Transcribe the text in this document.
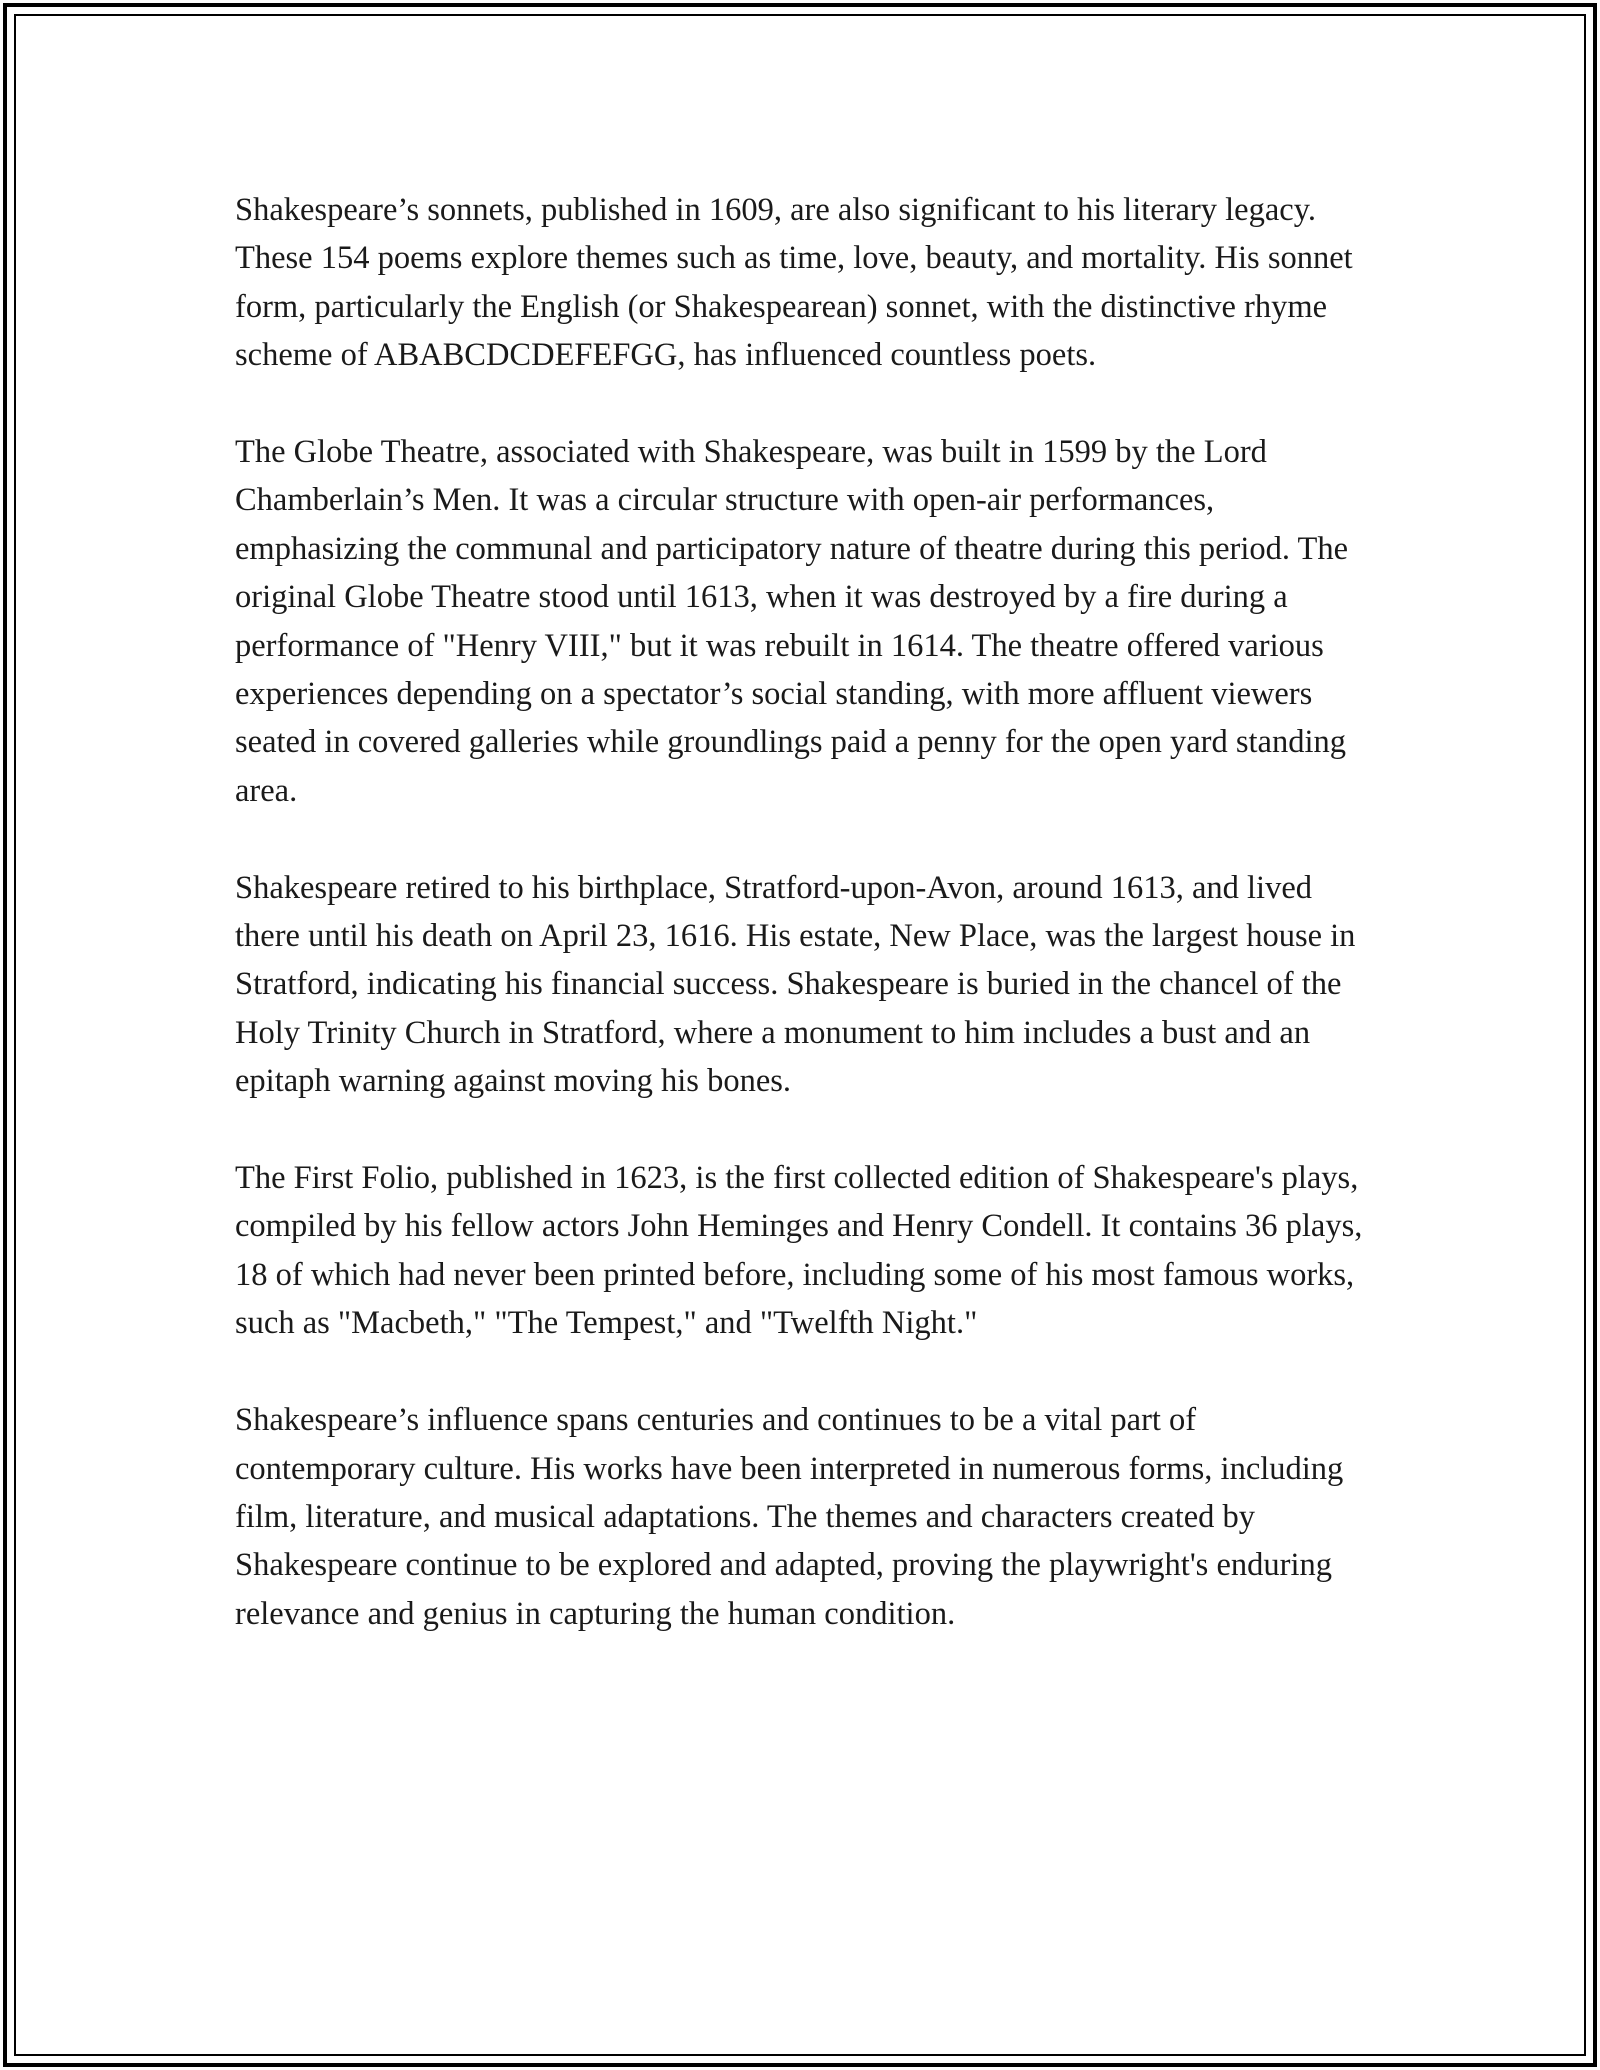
Shakespeare’s sonnets, published in 1609, are also significant to his literary legacy. These 154 poems explore themes such as time, love, beauty, and mortality. His sonnet form, particularly the English (or Shakespearean) sonnet, with the distinctive rhyme scheme of ABABCDCDEFEFGG, has influenced countless poets.

The Globe Theatre, associated with Shakespeare, was built in 1599 by the Lord Chamberlain’s Men. It was a circular structure with open-air performances, emphasizing the communal and participatory nature of theatre during this period. The original Globe Theatre stood until 1613, when it was destroyed by a fire during a performance of "Henry VIII," but it was rebuilt in 1614. The theatre offered various experiences depending on a spectator’s social standing, with more affluent viewers seated in covered galleries while groundlings paid a penny for the open yard standing area.

Shakespeare retired to his birthplace, Stratford-upon-Avon, around 1613, and lived there until his death on April 23, 1616. His estate, New Place, was the largest house in Stratford, indicating his financial success. Shakespeare is buried in the chancel of the Holy Trinity Church in Stratford, where a monument to him includes a bust and an epitaph warning against moving his bones.

The First Folio, published in 1623, is the first collected edition of Shakespeare's plays, compiled by his fellow actors John Heminges and Henry Condell. It contains 36 plays, 18 of which had never been printed before, including some of his most famous works, such as "Macbeth," "The Tempest," and "Twelfth Night."

Shakespeare’s influence spans centuries and continues to be a vital part of contemporary culture. His works have been interpreted in numerous forms, including film, literature, and musical adaptations. The themes and characters created by Shakespeare continue to be explored and adapted, proving the playwright's enduring relevance and genius in capturing the human condition.
